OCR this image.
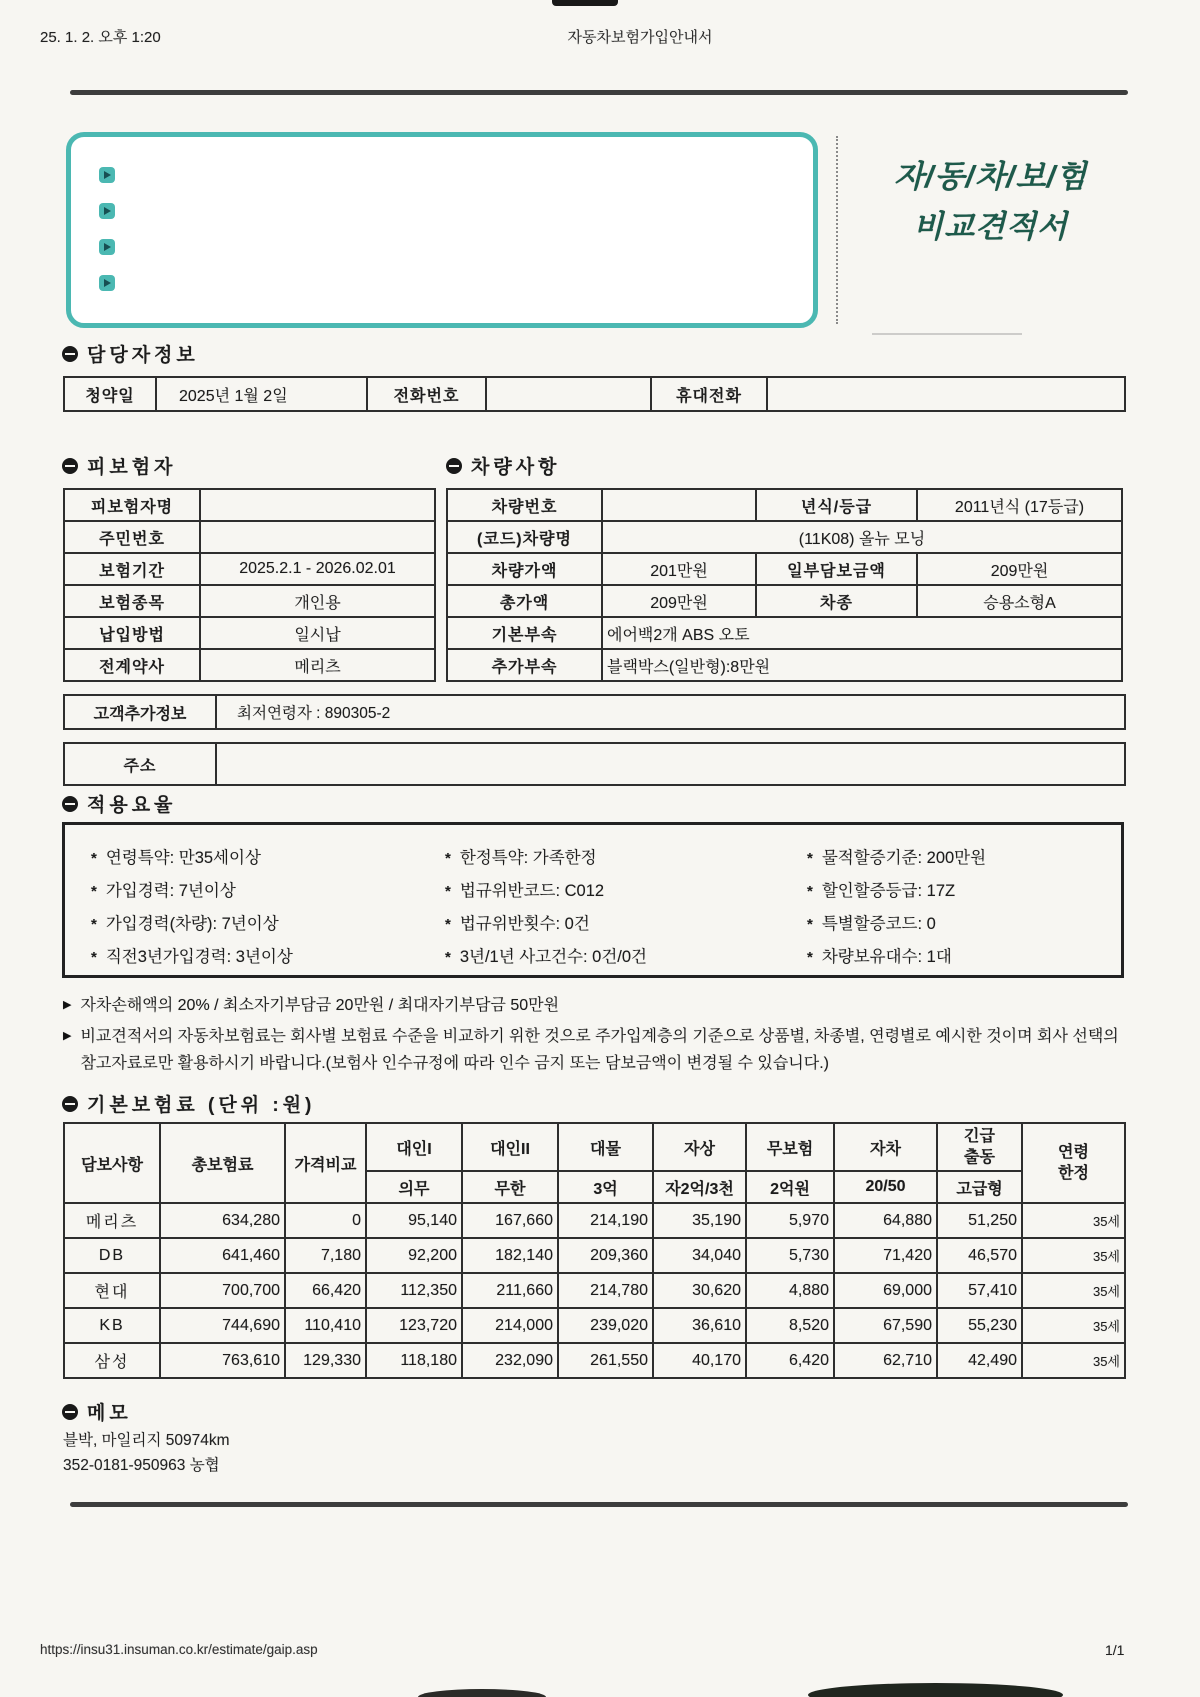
25. 1. 2. 오후 1:20	자동차보험가입안내서
자/동/차/보/험
비교견적서
담당자정보
청약일	2025년 1월 2일	전화번호		휴대전화	
피보험자
피보험자명	
주민번호	
보험기간	2025.2.1 - 2026.02.01
보험종목	개인용
납입방법	일시납
전계약사	메리츠
차량사항
차량번호		년식/등급	2011년식 (17등급)
(코드)차량명	(11K08) 올뉴 모닝		
차량가액	201만원	일부담보금액	209만원
총가액	209만원	차종	승용소형A
기본부속	에어백2개 ABS 오토		
추가부속	블랙박스(일반형):8만원		
고객추가정보	최저연령자 : 890305-2
주소	
적용요율
* 연령특약: 만35세이상
* 가입경력: 7년이상
* 가입경력(차량): 7년이상
* 직전3년가입경력: 3년이상
* 한정특약: 가족한정
* 법규위반코드: C012
* 법규위반횟수: 0건
* 3년/1년 사고건수: 0건/0건
* 물적할증기준: 200만원
* 할인할증등급: 17Z
* 특별할증코드: 0
* 차량보유대수: 1대
▶ 자차손해액의 20% / 최소자기부담금 20만원 / 최대자기부담금 50만원
▶ 비교견적서의 자동차보험료는 회사별 보험료 수준을 비교하기 위한 것으로 주가입계층의 기준으로 상품별, 차종별, 연령별로 예시한 것이며 회사 선택의 참고자료로만 활용하시기 바랍니다.(보험사 인수규정에 따라 인수 금지 또는 담보금액이 변경될 수 있습니다.)
기본보험료 (단위 :원)
담보사항	총보험료	가격비교	대인I	대인II	대물	자상	무보험	자차	긴급출동	연령한정
			의무	무한	3억	자2억/3천	2억원	20/50	고급형	
메리츠	634,280	0	95,140	167,660	214,190	35,190	5,970	64,880	51,250	35세
DB	641,460	7,180	92,200	182,140	209,360	34,040	5,730	71,420	46,570	35세
현대	700,700	66,420	112,350	211,660	214,780	30,620	4,880	69,000	57,410	35세
KB	744,690	110,410	123,720	214,000	239,020	36,610	8,520	67,590	55,230	35세
삼성	763,610	129,330	118,180	232,090	261,550	40,170	6,420	62,710	42,490	35세
메모
블박, 마일리지 50974km
352-0181-950963 농협
https://insu31.insuman.co.kr/estimate/gaip.asp	1/1
